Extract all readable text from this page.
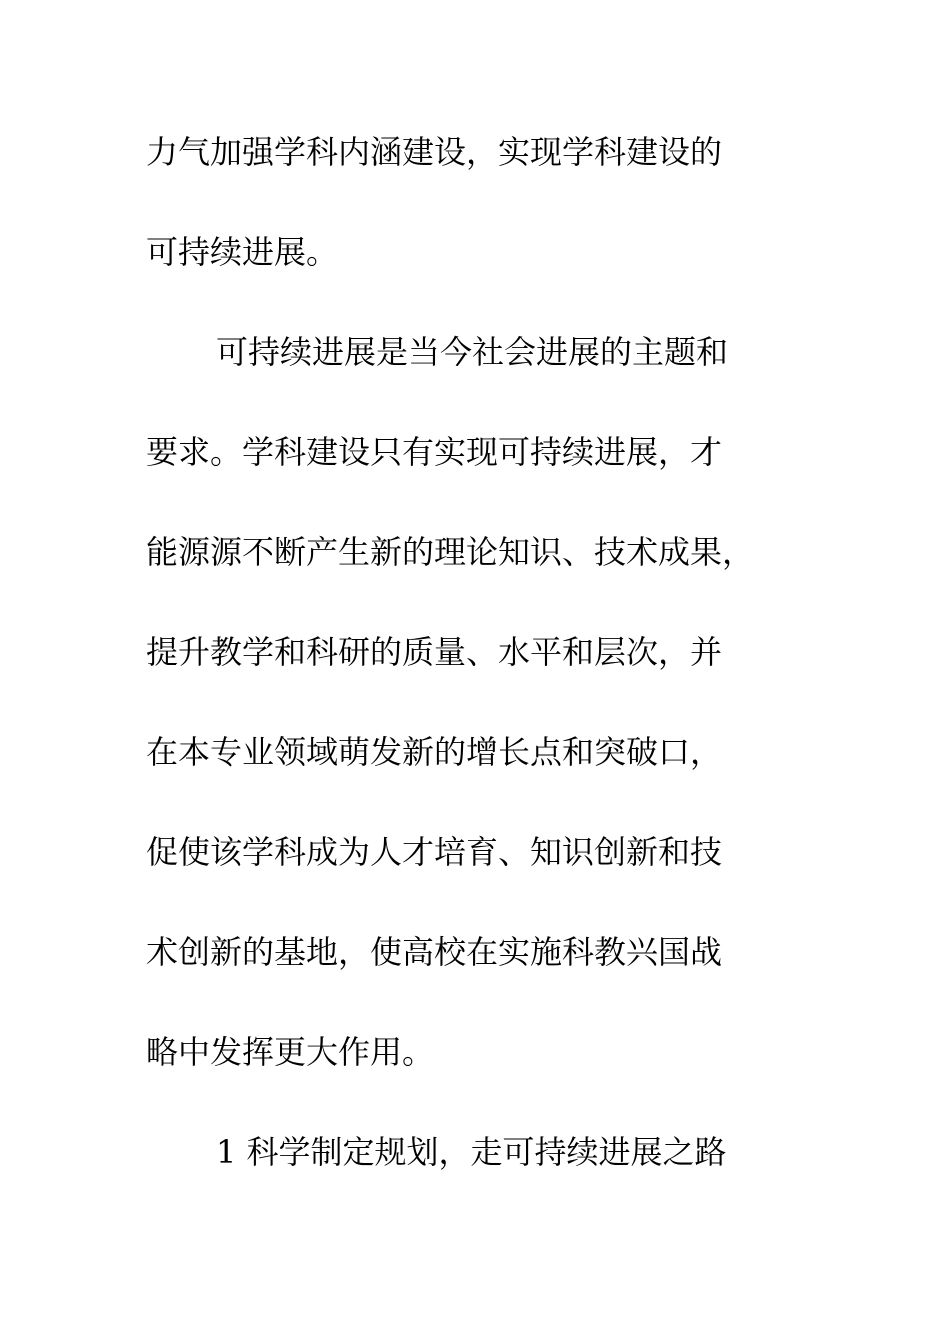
力气加强学科内涵建设，实现学科建设的
可持续进展。
可持续进展是当今社会进展的主题和
要求。学科建设只有实现可持续进展，才
能源源不断产生新的理论知识、技术成果，
提升教学和科研的质量、水平和层次，并
在本专业领域萌发新的增长点和突破口，
促使该学科成为人才培育、知识创新和技
术创新的基地，使高校在实施科教兴国战
略中发挥更大作用。
1 科学制定规划，走可持续进展之路
